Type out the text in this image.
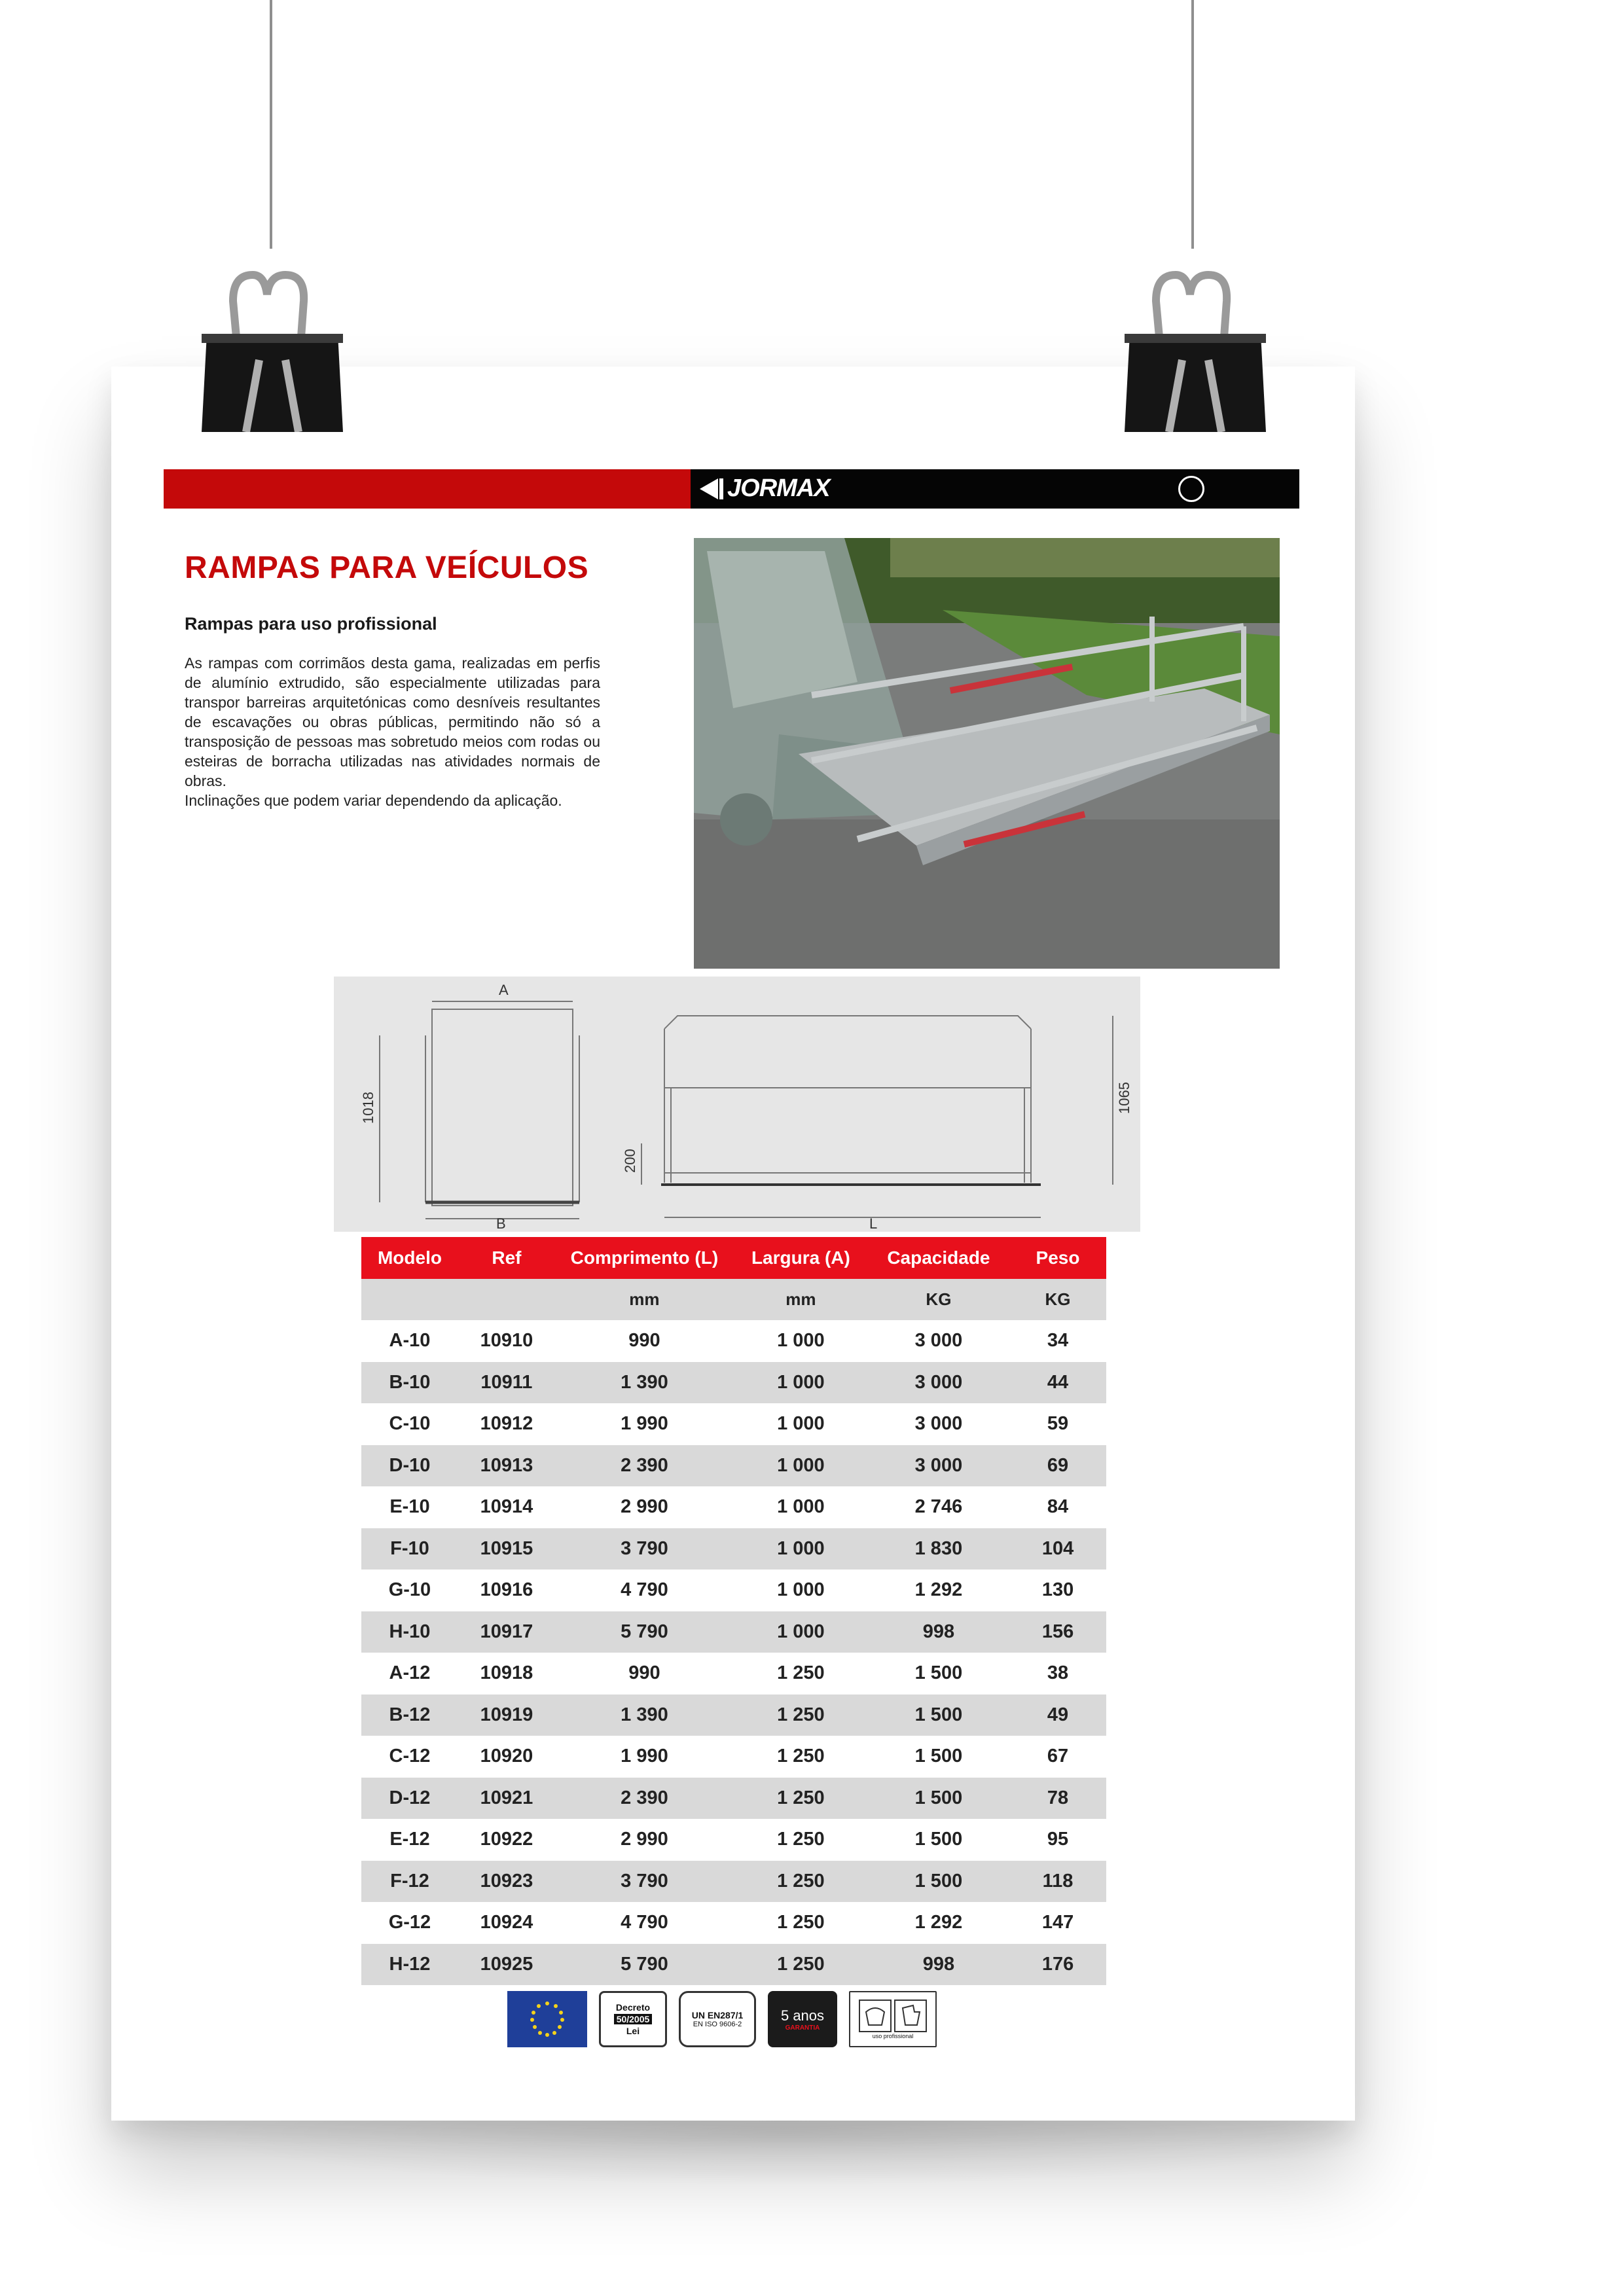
JORMAX
RAMPAS PARA VEÍCULOS
Rampas para uso profissional

As rampas com corrimãos desta gama, realizadas em perfis de alumínio extrudido, são especialmente utilizadas para transpor barreiras arquitetónicas como desníveis resultantes de escavações ou obras públicas, permitindo não só a transposição de pessoas mas sobretudo meios com rodas ou esteiras de borracha utilizadas nas atividades normais de obras.

Inclinações que podem variar dependendo da aplicação.

A
B
1018
200
1065
L
Modelo	Ref	Comprimento (L)	Largura (A)	Capacidade	Peso
		mm	mm	KG	KG
A-10	10910	990	1 000	3 000	34
B-10	10911	1 390	1 000	3 000	44
C-10	10912	1 990	1 000	3 000	59
D-10	10913	2 390	1 000	3 000	69
E-10	10914	2 990	1 000	2 746	84
F-10	10915	3 790	1 000	1 830	104
G-10	10916	4 790	1 000	1 292	130
H-10	10917	5 790	1 000	998	156
A-12	10918	990	1 250	1 500	38
B-12	10919	1 390	1 250	1 500	49
C-12	10920	1 990	1 250	1 500	67
D-12	10921	2 390	1 250	1 500	78
E-12	10922	2 990	1 250	1 500	95
F-12	10923	3 790	1 250	1 500	118
G-12	10924	4 790	1 250	1 292	147
H-12	10925	5 790	1 250	998	176
Decreto
50/2005
Lei
UN EN287/1
EN ISO 9606-2
5 anos
GARANTIA
uso profissional
